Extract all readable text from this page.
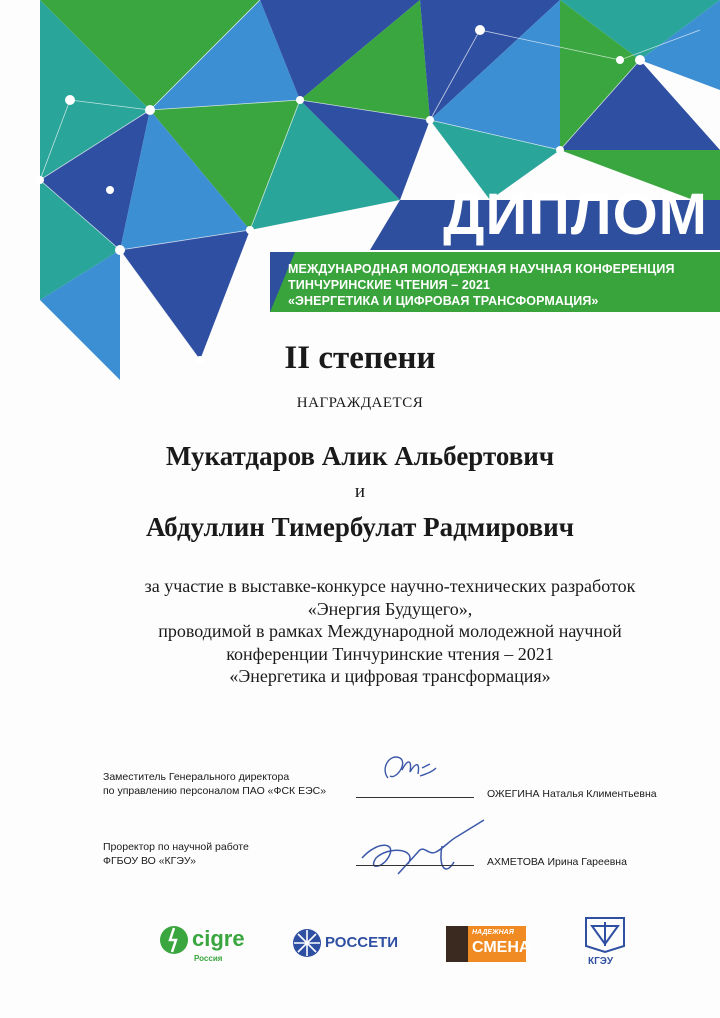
ДИПЛОМ
МЕЖДУНАРОДНАЯ МОЛОДЕЖНАЯ НАУЧНАЯ КОНФЕРЕНЦИЯ
ТИНЧУРИНСКИЕ ЧТЕНИЯ – 2021
«ЭНЕРГЕТИКА И ЦИФРОВАЯ ТРАНСФОРМАЦИЯ»
II степени
НАГРАЖДАЕТСЯ
Мукатдаров Алик Альбертович
и
Абдуллин Тимербулат Радмирович
за участие в выставке-конкурсе научно-технических разработок
«Энергия Будущего»,
проводимой в рамках Международной молодежной научной
конференции Тинчуринские чтения – 2021
«Энергетика и цифровая трансформация»
Заместитель Генерального директора
по управлению персоналом ПАО «ФСК ЕЭС»	ОЖЕГИНА Наталья Климентьевна
Проректор по научной работе
ФГБОУ ВО «КГЭУ»	АХМЕТОВА Ирина Гареевна
cigre
Россия
РОССЕТИ
НАДЕЖНАЯ
СМЕНА
КГЭУ
